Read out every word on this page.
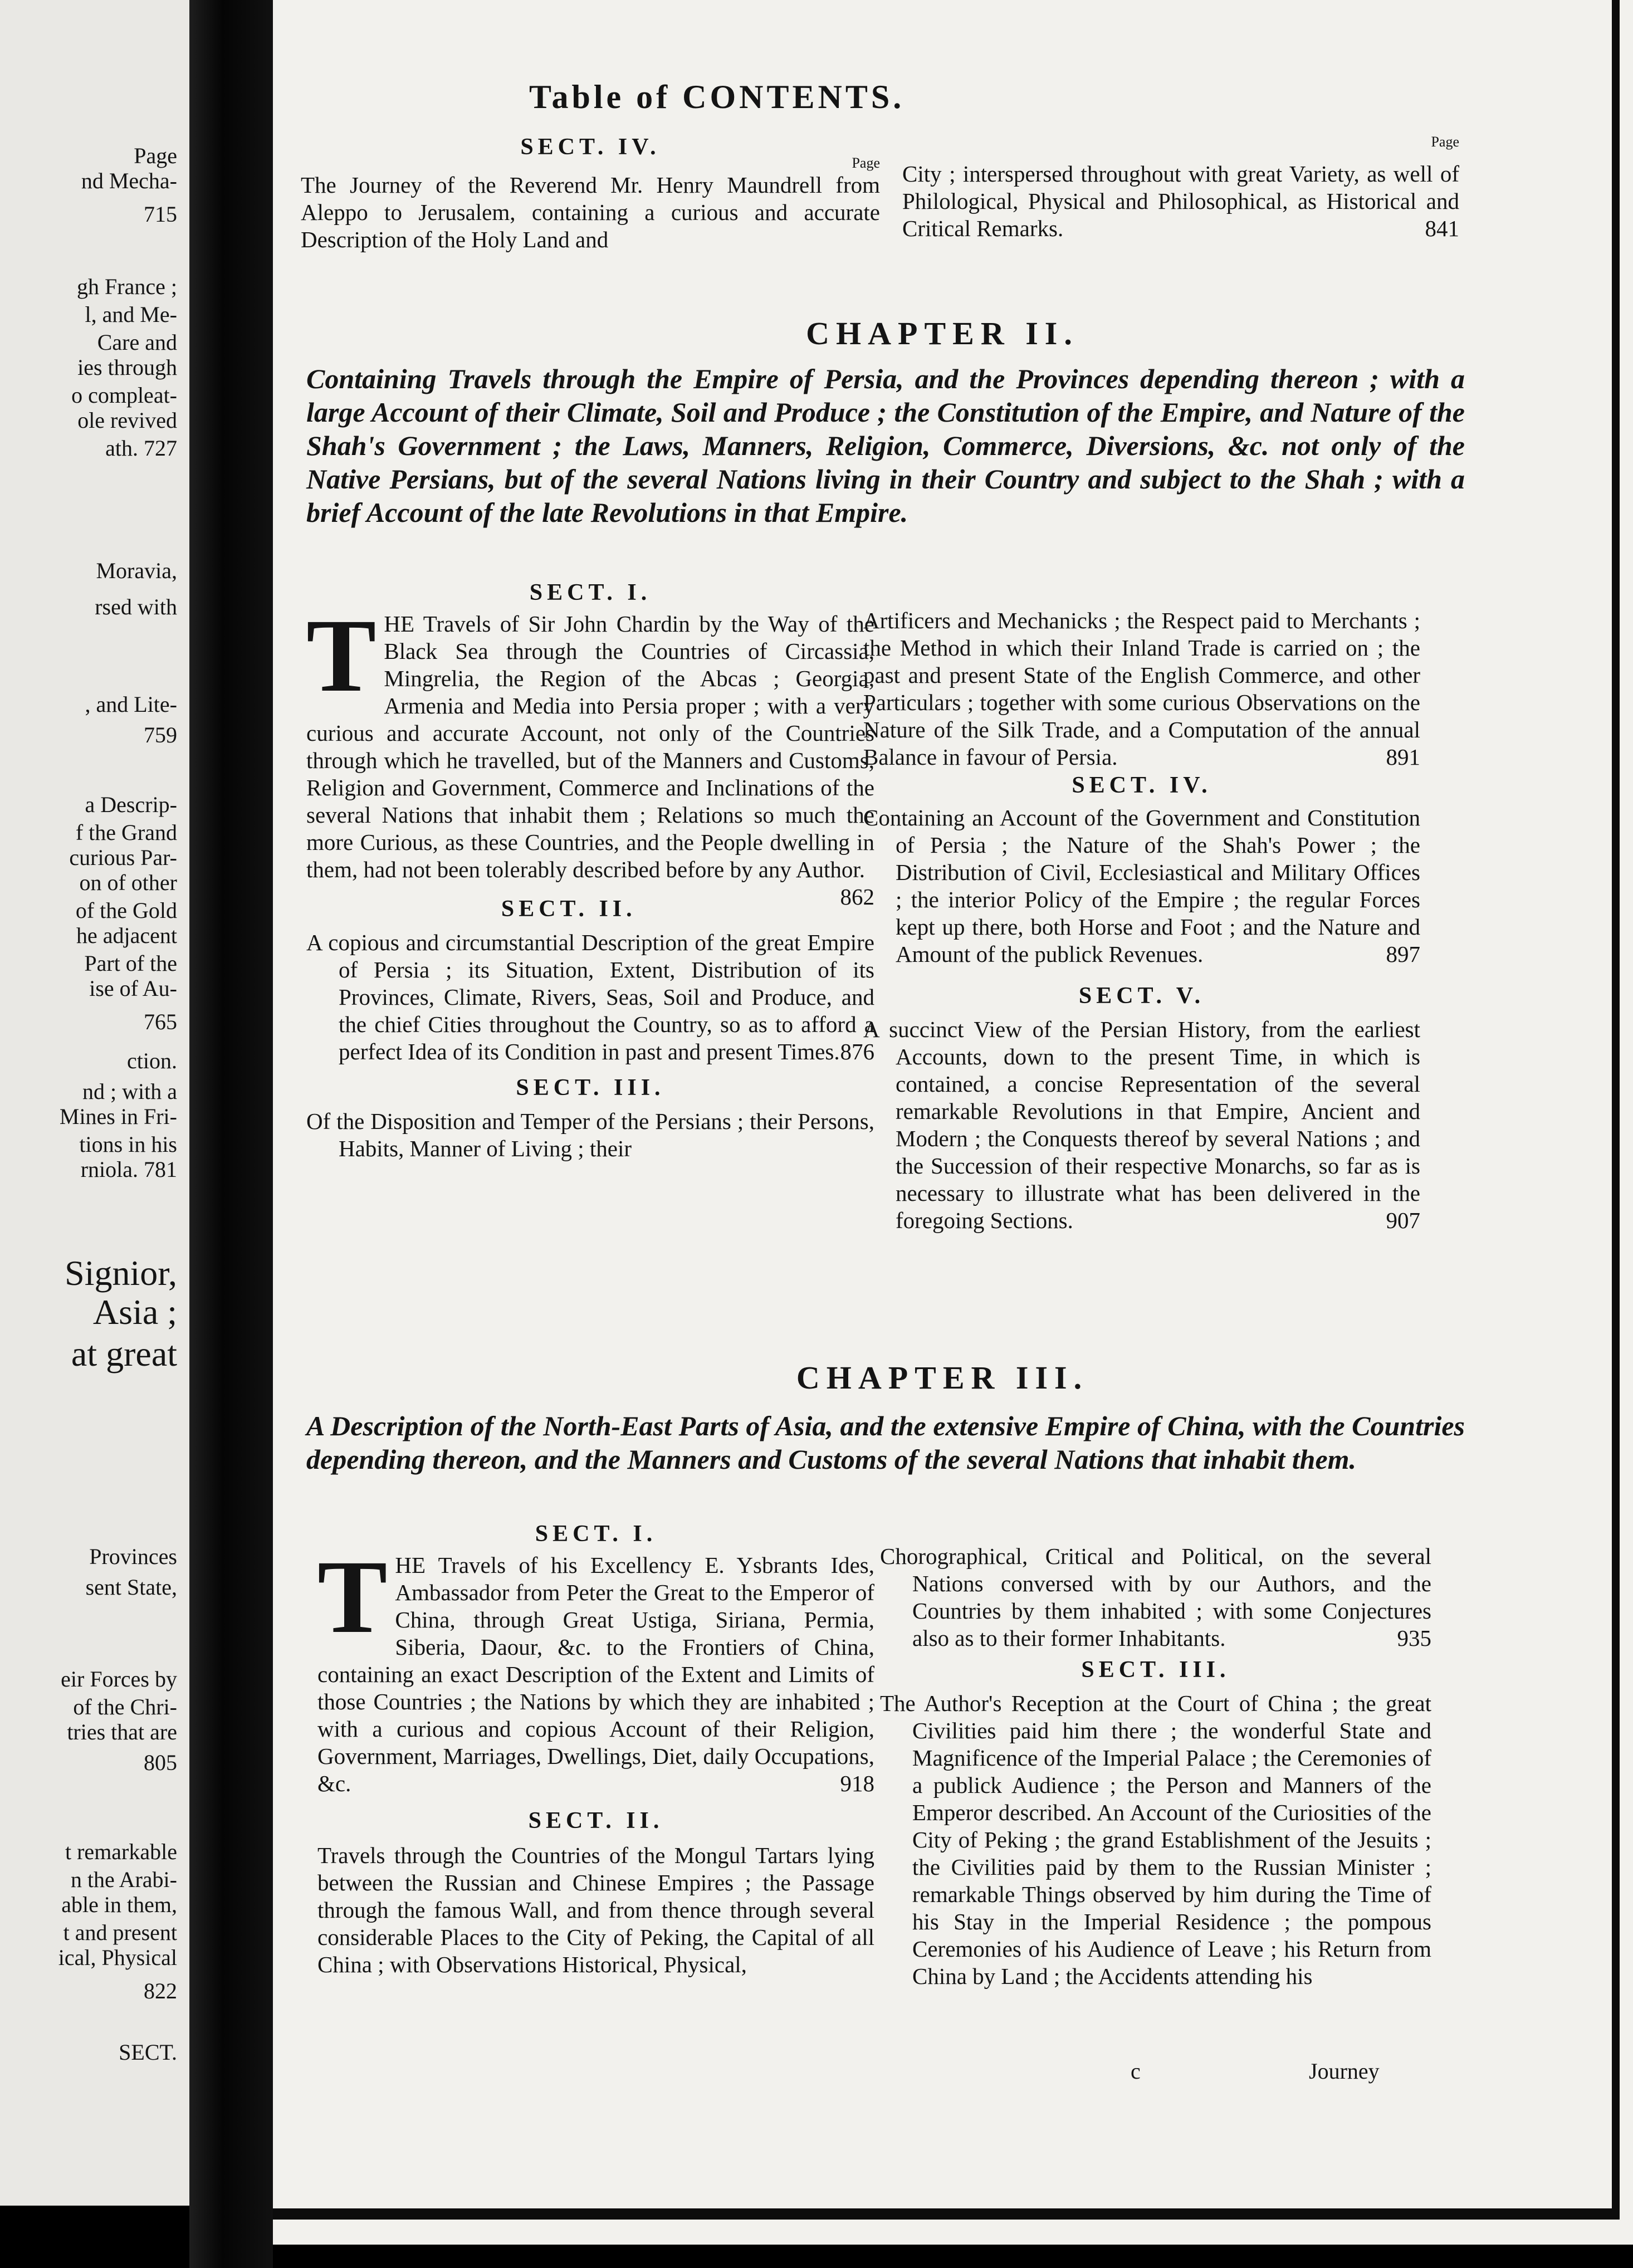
Page
nd Mecha-
715
gh France ;
l, and Me-
Care and
ies through
o compleat-
ole revived
ath. 727
Moravia,
rsed with
, and Lite-
759
a Descrip-
f the Grand
curious Par-
on of other
of the Gold
he adjacent
Part of the
ise of Au-
765
ction.
nd ; with a
Mines in Fri-
tions in his
rniola. 781
Signior,
Asia ;
at great
Provinces
sent State,
eir Forces by
of the Chri-
tries that are
805
t remarkable
n the Arabi-
able in them,
t and present
ical, Physical
822
SECT.
Table of CONTENTS.
SECT. IV.
Page
The Journey of the Reverend Mr. Henry Maundrell from Aleppo to Jerusalem, containing a curious and accurate Description of the Holy Land and
Page
City ; interspersed throughout with great Variety, as well of Philological, Physical and Philosophical, as Historical and Critical Remarks.	841
CHAPTER II.
Containing Travels through the Empire of Persia, and the Provinces depending thereon ; with a large Account of their Climate, Soil and Produce ; the Constitution of the Empire, and Nature of the Shah's Government ; the Laws, Manners, Religion, Commerce, Diversions, &c. not only of the Native Persians, but of the several Nations living in their Country and subject to the Shah ; with a brief Account of the late Revolutions in that Empire.
SECT. I.
THE Travels of Sir John Chardin by the Way of the Black Sea through the Countries of Circassia, Mingrelia, the Region of the Abcas ; Georgia, Armenia and Media into Persia proper ; with a very curious and accurate Account, not only of the Countries through which he travelled, but of the Manners and Customs, Religion and Government, Commerce and Inclinations of the several Nations that inhabit them ; Relations so much the more Curious, as these Countries, and the People dwelling in them, had not been tolerably described before by any Author.
862
SECT. II.
A copious and circumstantial Description of the great Empire of Persia ; its Situation, Extent, Distribution of its Provinces, Climate, Rivers, Seas, Soil and Produce, and the chief Cities throughout the Country, so as to afford a perfect Idea of its Condition in past and present Times. 876
SECT. III.
Of the Disposition and Temper of the Persians ; their Persons, Habits, Manner of Living ; their
Artificers and Mechanicks ; the Respect paid to Merchants ; the Method in which their Inland Trade is carried on ; the past and present State of the English Commerce, and other Particulars ; together with some curious Observations on the Nature of the Silk Trade, and a Computation of the annual Balance in favour of Persia.	891
SECT. IV.
Containing an Account of the Government and Constitution of Persia ; the Nature of the Shah's Power ; the Distribution of Civil, Ecclesiastical and Military Offices ; the interior Policy of the Empire ; the regular Forces kept up there, both Horse and Foot ; and the Nature and Amount of the publick Revenues.	897
SECT. V.
A succinct View of the Persian History, from the earliest Accounts, down to the present Time, in which is contained, a concise Representation of the several remarkable Revolutions in that Empire, Ancient and Modern ; the Conquests thereof by several Nations ; and the Succession of their respective Monarchs, so far as is necessary to illustrate what has been delivered in the foregoing Sections.	907
CHAPTER III.
A Description of the North-East Parts of Asia, and the extensive Empire of China, with the Countries depending thereon, and the Manners and Customs of the several Nations that inhabit them.
SECT. I.
THE Travels of his Excellency E. Ysbrants Ides, Ambassador from Peter the Great to the Emperor of China, through Great Ustiga, Siriana, Permia, Siberia, Daour, &c. to the Frontiers of China, containing an exact Description of the Extent and Limits of those Countries ; the Nations by which they are inhabited ; with a curious and copious Account of their Religion, Government, Marriages, Dwellings, Diet, daily Occupations, &c.	918
SECT. II.
Travels through the Countries of the Mongul Tartars lying between the Russian and Chinese Empires ; the Passage through the famous Wall, and from thence through several considerable Places to the City of Peking, the Capital of all China ; with Observations Historical, Physical,
Chorographical, Critical and Political, on the several Nations conversed with by our Authors, and the Countries by them inhabited ; with some Conjectures also as to their former Inhabitants.	935
SECT. III.
The Author's Reception at the Court of China ; the great Civilities paid him there ; the wonderful State and Magnificence of the Imperial Palace ; the Ceremonies of a publick Audience ; the Person and Manners of the Emperor described. An Account of the Curiosities of the City of Peking ; the grand Establishment of the Jesuits ; the Civilities paid by them to the Russian Minister ; remarkable Things observed by him during the Time of his Stay in the Imperial Residence ; the pompous Ceremonies of his Audience of Leave ; his Return from China by Land ; the Accidents attending his
c	Journey
